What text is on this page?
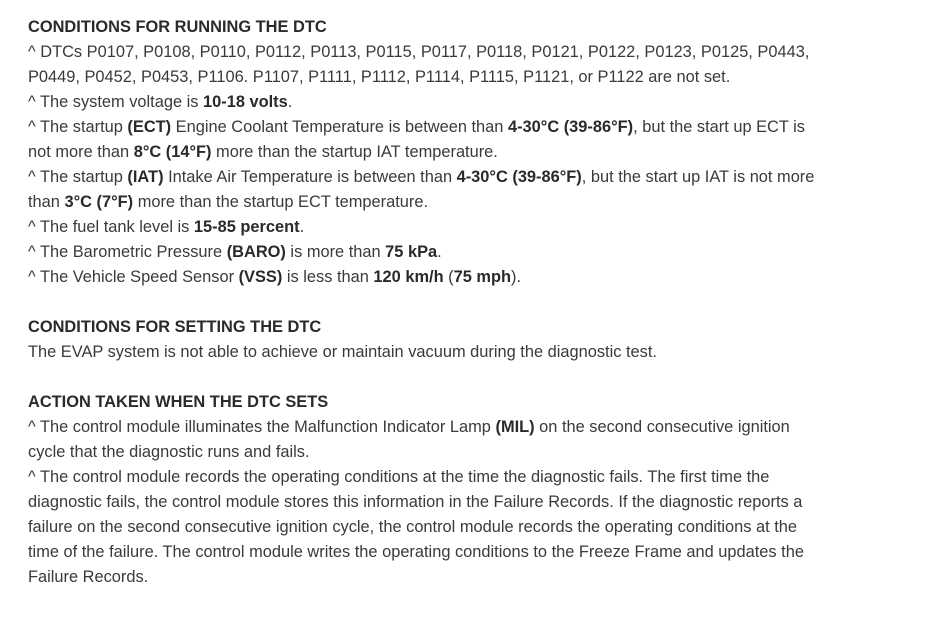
CONDITIONS FOR RUNNING THE DTC
^ DTCs P0107, P0108, P0110, P0112, P0113, P0115, P0117, P0118, P0121, P0122, P0123, P0125, P0443, P0449, P0452, P0453, P1106. P1107, P1111, P1112, P1114, P1115, P1121, or P1122 are not set.
^ The system voltage is 10-18 volts.
^ The startup (ECT) Engine Coolant Temperature is between than 4-30°C (39-86°F), but the start up ECT is not more than 8°C (14°F) more than the startup IAT temperature.
^ The startup (IAT) Intake Air Temperature is between than 4-30°C (39-86°F), but the start up IAT is not more than 3°C (7°F) more than the startup ECT temperature.
^ The fuel tank level is 15-85 percent.
^ The Barometric Pressure (BARO) is more than 75 kPa.
^ The Vehicle Speed Sensor (VSS) is less than 120 km/h (75 mph).
CONDITIONS FOR SETTING THE DTC
The EVAP system is not able to achieve or maintain vacuum during the diagnostic test.
ACTION TAKEN WHEN THE DTC SETS
^ The control module illuminates the Malfunction Indicator Lamp (MIL) on the second consecutive ignition cycle that the diagnostic runs and fails.
^ The control module records the operating conditions at the time the diagnostic fails. The first time the diagnostic fails, the control module stores this information in the Failure Records. If the diagnostic reports a failure on the second consecutive ignition cycle, the control module records the operating conditions at the time of the failure. The control module writes the operating conditions to the Freeze Frame and updates the Failure Records.
